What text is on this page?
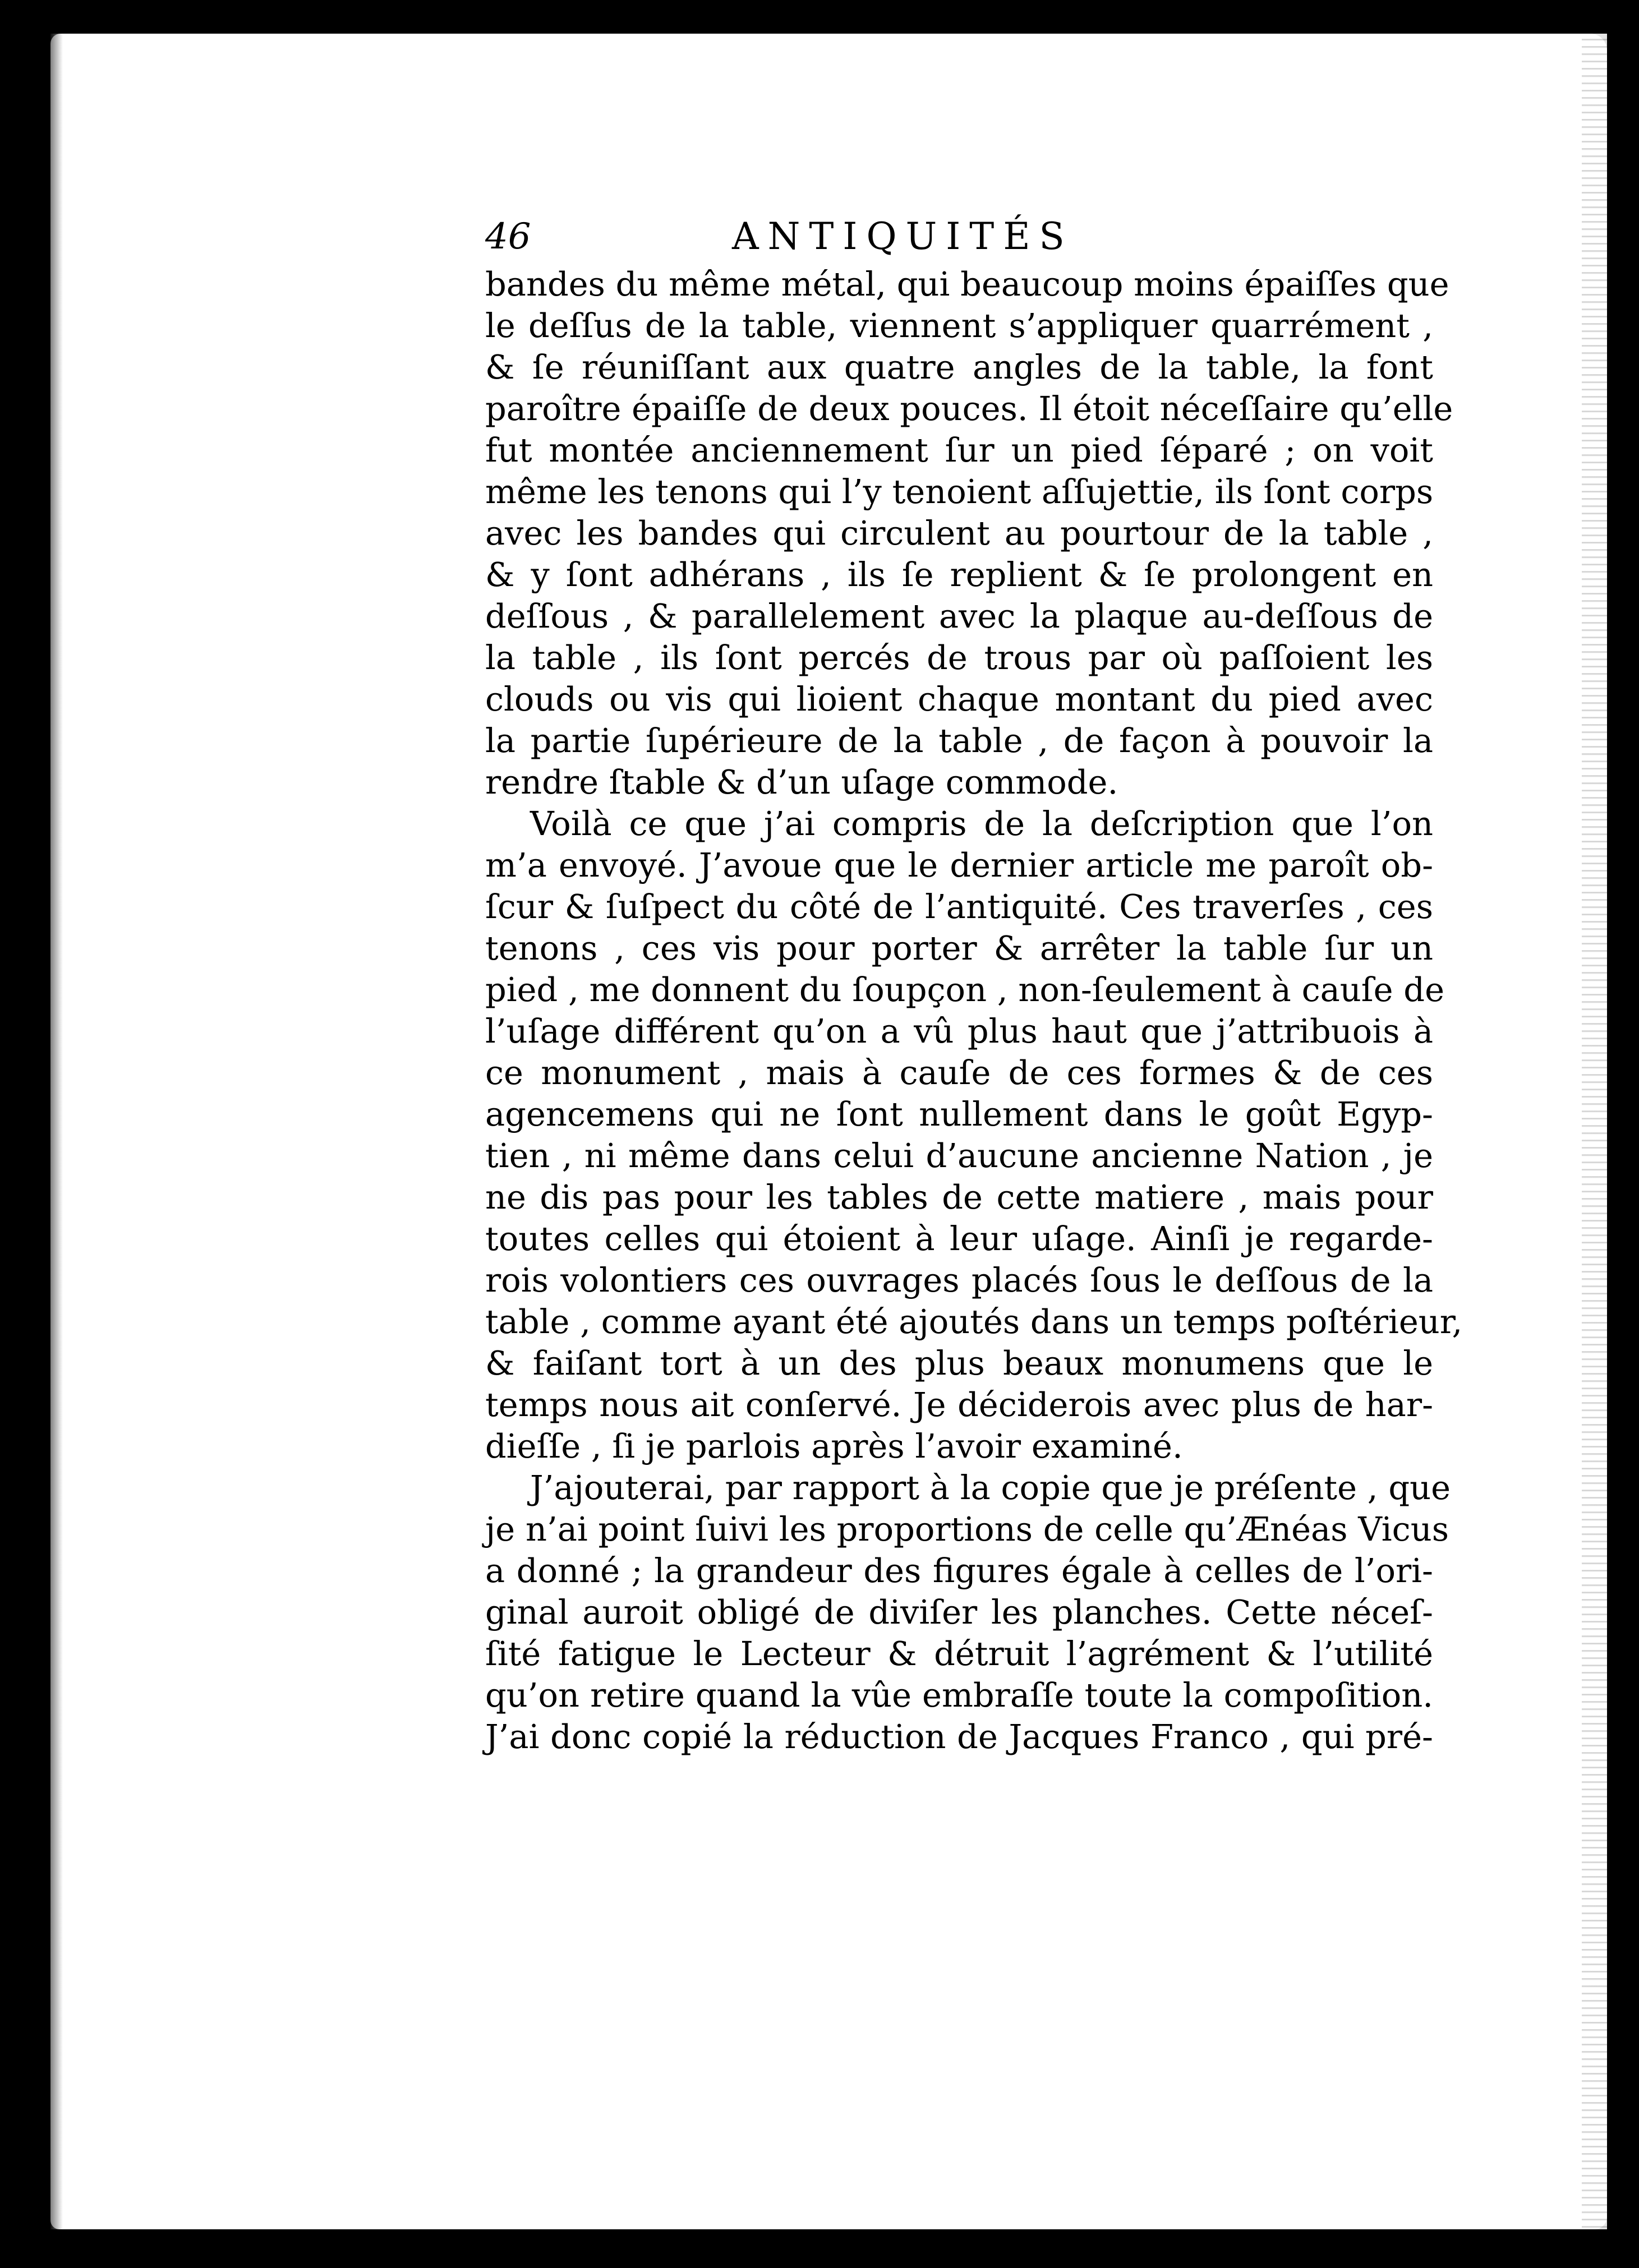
46	ANTIQUITÉS
bandes du même métal, qui beaucoup moins épaiſſes que
le deſſus de la table, viennent s’appliquer quarrément ,
& ſe réuniſſant aux quatre angles de la table, la font
paroître épaiſſe de deux pouces. Il étoit néceſſaire qu’elle
fut montée anciennement ſur un pied ſéparé ; on voit
même les tenons qui l’y tenoient aſſujettie, ils ſont corps
avec les bandes qui circulent au pourtour de la table ,
& y ſont adhérans , ils ſe replient & ſe prolongent en
deſſous , & parallelement avec la plaque au-deſſous de
la table , ils ſont percés de trous par où paſſoient les
clouds ou vis qui lioient chaque montant du pied avec
la partie ſupérieure de la table , de façon à pouvoir la
rendre ſtable & d’un uſage commode.
Voilà ce que j’ai compris de la deſcription que l’on
m’a envoyé. J’avoue que le dernier article me paroît ob-
ſcur & ſuſpect du côté de l’antiquité. Ces traverſes , ces
tenons , ces vis pour porter & arrêter la table ſur un
pied , me donnent du ſoupçon , non-ſeulement à cauſe de
l’uſage différent qu’on a vû plus haut que j’attribuois à
ce monument , mais à cauſe de ces formes & de ces
agencemens qui ne ſont nullement dans le goût Egyp-
tien , ni même dans celui d’aucune ancienne Nation , je
ne dis pas pour les tables de cette matiere , mais pour
toutes celles qui étoient à leur uſage. Ainſi je regarde-
rois volontiers ces ouvrages placés ſous le deſſous de la
table , comme ayant été ajoutés dans un temps poſtérieur,
& faiſant tort à un des plus beaux monumens que le
temps nous ait conſervé. Je déciderois avec plus de har-
dieſſe , ſi je parlois après l’avoir examiné.
J’ajouterai, par rapport à la copie que je préſente , que
je n’ai point ſuivi les proportions de celle qu’Ænéas Vicus
a donné ; la grandeur des figures égale à celles de l’ori-
ginal auroit obligé de diviſer les planches. Cette néceſ-
ſité fatigue le Lecteur & détruit l’agrément & l’utilité
qu’on retire quand la vûe embraſſe toute la compoſition.
J’ai donc copié la réduction de Jacques Franco , qui pré-
